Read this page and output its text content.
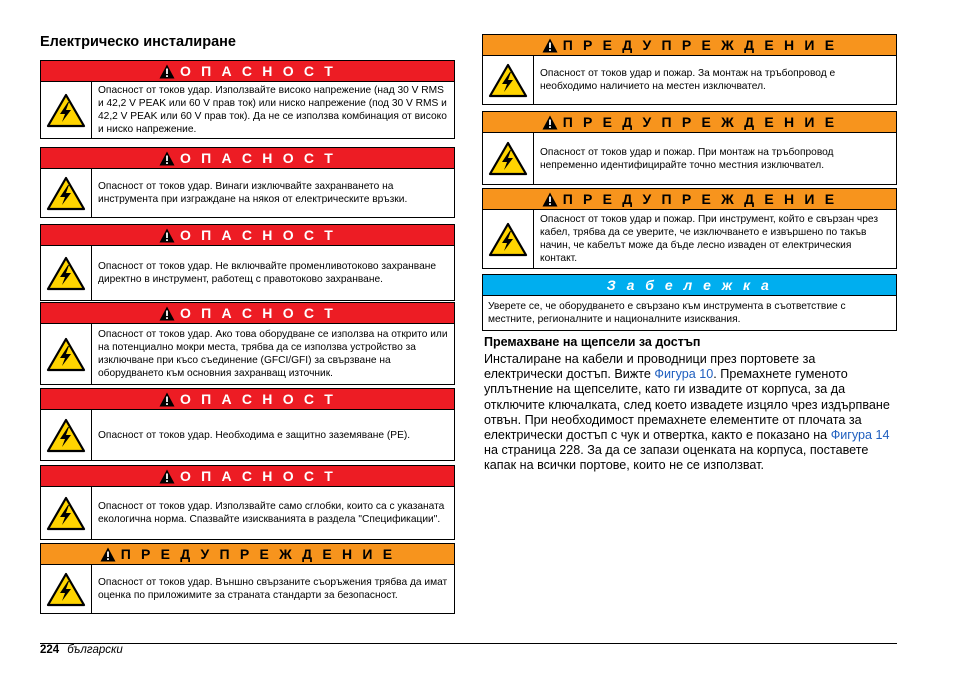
Електрическо инсталиране
О П А С Н О С Т
Опасност от токов удар. Използвайте високо напрежение (над 30 V RMS и 42,2 V PEAK или 60 V прав ток) или ниско напрежение (под 30 V RMS и 42,2 V PEAK или 60 V прав ток). Да не се използва комбинация от високо и ниско напрежение.
О П А С Н О С Т
Опасност от токов удар. Винаги изключвайте захранването на инструмента при изграждане на някоя от електрическите връзки.
О П А С Н О С Т
Опасност от токов удар. Не включвайте променливотоково захранване директно в инструмент, работещ с правотоково захранване.
О П А С Н О С Т
Опасност от токов удар. Ако това оборудване се използва на открито или на потенциално мокри места, трябва да се използва устройство за изключване при късо съединение (GFCI/GFI) за свързване на оборудването към основния захранващ източник.
О П А С Н О С Т
Опасност от токов удар. Необходима е защитно заземяване (PE).
О П А С Н О С Т
Опасност от токов удар. Използвайте само сглобки, които са с указаната екологична норма. Спазвайте изискванията в раздела "Спецификации".
П Р Е Д У П Р Е Ж Д Е Н И Е
Опасност от токов удар. Външно свързаните съоръжения трябва да имат оценка по приложимите за страната стандарти за безопасност.
П Р Е Д У П Р Е Ж Д Е Н И Е
Опасност от токов удар и пожар. За монтаж на тръбопровод е необходимо наличието на местен изключвател.
П Р Е Д У П Р Е Ж Д Е Н И Е
Опасност от токов удар и пожар. При монтаж на тръбопровод непременно идентифицирайте точно местния изключвател.
П Р Е Д У П Р Е Ж Д Е Н И Е
Опасност от токов удар и пожар. При инструмент, който е свързан чрез кабел, трябва да се уверите, че изключването е извършено по такъв начин, че кабелът може да бъде лесно изваден от електрическия контакт.
З а б е л е ж к а
Уверете се, че оборудването е свързано към инструмента в съответствие с местните, регионалните и националните изисквания.
Премахване на щепсели за достъп
Инсталиране на кабели и проводници през портовете за електрически достъп. Вижте Фигура 10. Премахнете гуменото уплътнение на щепселите, като ги извадите от корпуса, за да отключите ключалката, след което извадете изцяло чрез издърпване отвън. При необходимост премахнете елементите от плочата за електрически достъп с чук и отвертка, както е показано на Фигура 14 на страница 228. За да се запази оценката на корпуса, поставете капак на всички портове, които не се използват.
224 български
